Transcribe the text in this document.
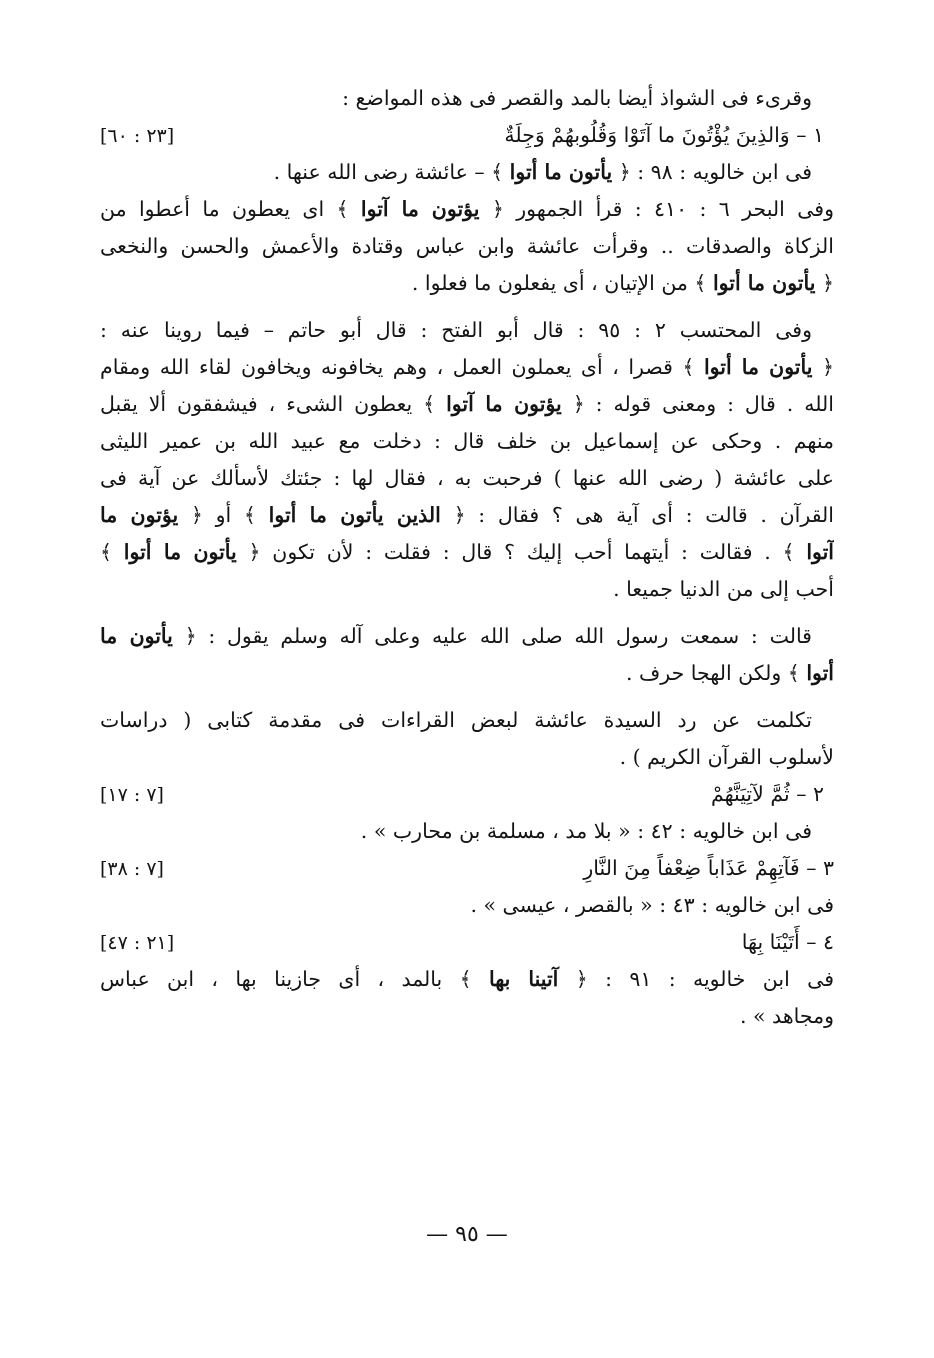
وقرىء فى الشواذ أيضا بالمد والقصر فى هذه المواضع :
١ – وَالذِينَ يُؤْتُونَ ما آتَوْا وَقُلُوبهُمْ وَجِلَةٌ
[٢٣ : ٦٠]
فى ابن خالويه : ٩٨ : ﴿ يأتون ما أتوا ﴾ – عائشة رضى الله عنها .
وفى البحر ٦ : ٤١٠ : قرأ الجمهور ﴿ يؤتون ما آتوا ﴾ اى يعطون ما أعطوا من
الزكاة والصدقات .. وقرأت عائشة وابن عباس وقتادة والأعمش والحسن والنخعى
﴿ يأتون ما أتوا ﴾ من الإتيان ، أى يفعلون ما فعلوا .
وفى المحتسب ٢ : ٩٥ : قال أبو الفتح : قال أبو حاتم – فيما روينا عنه :
﴿ يأتون ما أتوا ﴾ قصرا ، أى يعملون العمل ، وهم يخافونه ويخافون لقاء الله ومقام
الله . قال : ومعنى قوله : ﴿ يؤتون ما آتوا ﴾ يعطون الشىء ، فيشفقون ألا يقبل
منهم . وحكى عن إسماعيل بن خلف قال : دخلت مع عبيد الله بن عمير الليثى
على عائشة ( رضى الله عنها ) فرحبت به ، فقال لها : جئتك لأسألك عن آية فى
القرآن . قالت : أى آية هى ؟ فقال : ﴿ الذين يأتون ما أتوا ﴾ أو ﴿ يؤتون ما
آتوا ﴾ . فقالت : أيتهما أحب إليك ؟ قال : فقلت : لأن تكون ﴿ يأتون ما أتوا ﴾
أحب إلى من الدنيا جميعا .
قالت : سمعت رسول الله صلى الله عليه وعلى آله وسلم يقول : ﴿ يأتون ما
أتوا ﴾ ولكن الهجا حرف .
تكلمت عن رد السيدة عائشة لبعض القراءات فى مقدمة كتابى ( دراسات
لأسلوب القرآن الكريم ) .
٢ – ثُمَّ لآتِيَنَّهُمْ
[٧ : ١٧]
فى ابن خالويه : ٤٢ : « بلا مد ، مسلمة بن محارب » .
٣ – فَآتِهِمْ عَذَاباً ضِعْفاً مِنَ النَّارِ
[٧ : ٣٨]
فى ابن خالويه : ٤٣ : « بالقصر ، عيسى » .
٤ – أَتَيْنَا بِهَا
[٢١ : ٤٧]
فى ابن خالويه : ٩١ : ﴿ آتينا بها ﴾ بالمد ، أى جازينا بها ، ابن عباس
ومجاهد » .
— ٩٥ —
